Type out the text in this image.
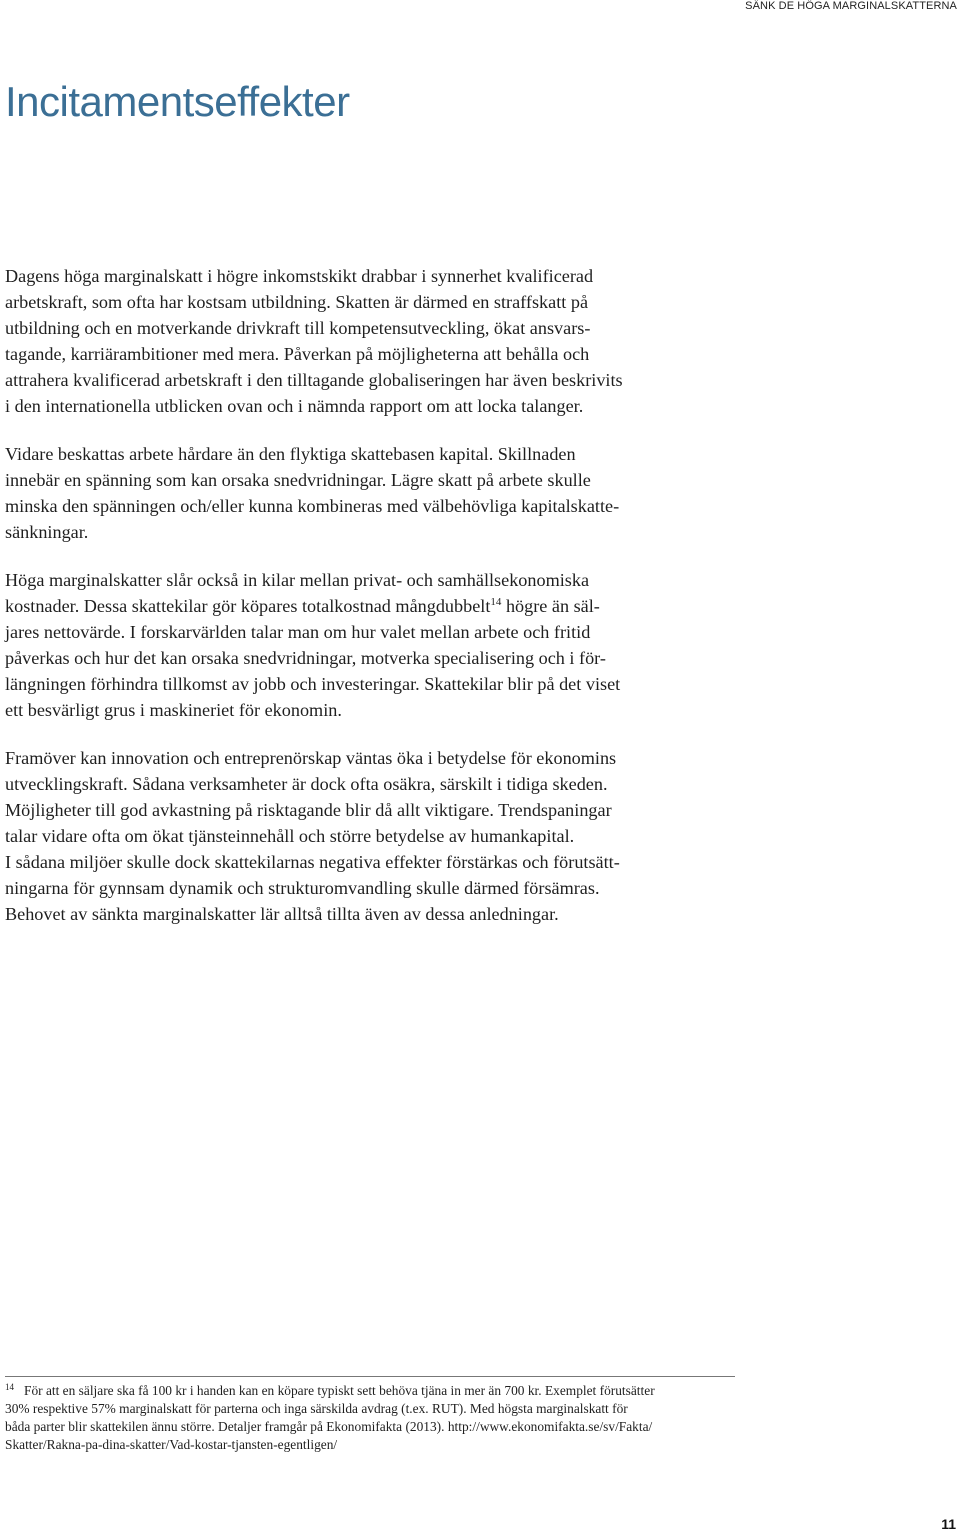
SÄNK DE HÖGA MARGINALSKATTERNA
Incitamentseffekter

Dagens höga marginalskatt i högre inkomstskikt drabbar i synnerhet kvalificerad
arbetskraft, som ofta har kostsam utbildning. Skatten är därmed en straffskatt på
utbildning och en motverkande drivkraft till kompetensutveckling, ökat ansvars-
tagande, karriärambitioner med mera. Påverkan på möjligheterna att behålla och
attrahera kvalificerad arbetskraft i den tilltagande globaliseringen har även beskrivits
i den internationella utblicken ovan och i nämnda rapport om att locka talanger.

Vidare beskattas arbete hårdare än den flyktiga skattebasen kapital. Skillnaden
innebär en spänning som kan orsaka snedvridningar. Lägre skatt på arbete skulle
minska den spänningen och/eller kunna kombineras med välbehövliga kapitalskatte-
sänkningar.

Höga marginalskatter slår också in kilar mellan privat- och samhällsekonomiska
kostnader. Dessa skattekilar gör köpares totalkostnad mångdubbelt$^{14}$ högre än säl-
jares nettovärde. I forskarvärlden talar man om hur valet mellan arbete och fritid
påverkas och hur det kan orsaka snedvridningar, motverka specialisering och i för-
längningen förhindra tillkomst av jobb och investeringar. Skattekilar blir på det viset
ett besvärligt grus i maskineriet för ekonomin.

Framöver kan innovation och entreprenörskap väntas öka i betydelse för ekonomins
utvecklingskraft. Sådana verksamheter är dock ofta osäkra, särskilt i tidiga skeden.
Möjligheter till god avkastning på risktagande blir då allt viktigare. Trendspaningar
talar vidare ofta om ökat tjänsteinnehåll och större betydelse av humankapital.
I sådana miljöer skulle dock skattekilarnas negativa effekter förstärkas och förutsätt-
ningarna för gynnsam dynamik och strukturomvandling skulle därmed försämras.
Behovet av sänkta marginalskatter lär alltså tillta även av dessa anledningar.

$^{14}$ För att en säljare ska få 100 kr i handen kan en köpare typiskt sett behöva tjäna in mer än 700 kr. Exemplet förutsätter
30% respektive 57% marginalskatt för parterna och inga särskilda avdrag (t.ex. RUT). Med högsta marginalskatt för
båda parter blir skattekilen ännu större. Detaljer framgår på Ekonomifakta (2013). http://www.ekonomifakta.se/sv/Fakta/
Skatter/Rakna-pa-dina-skatter/Vad-kostar-tjansten-egentligen/
11
